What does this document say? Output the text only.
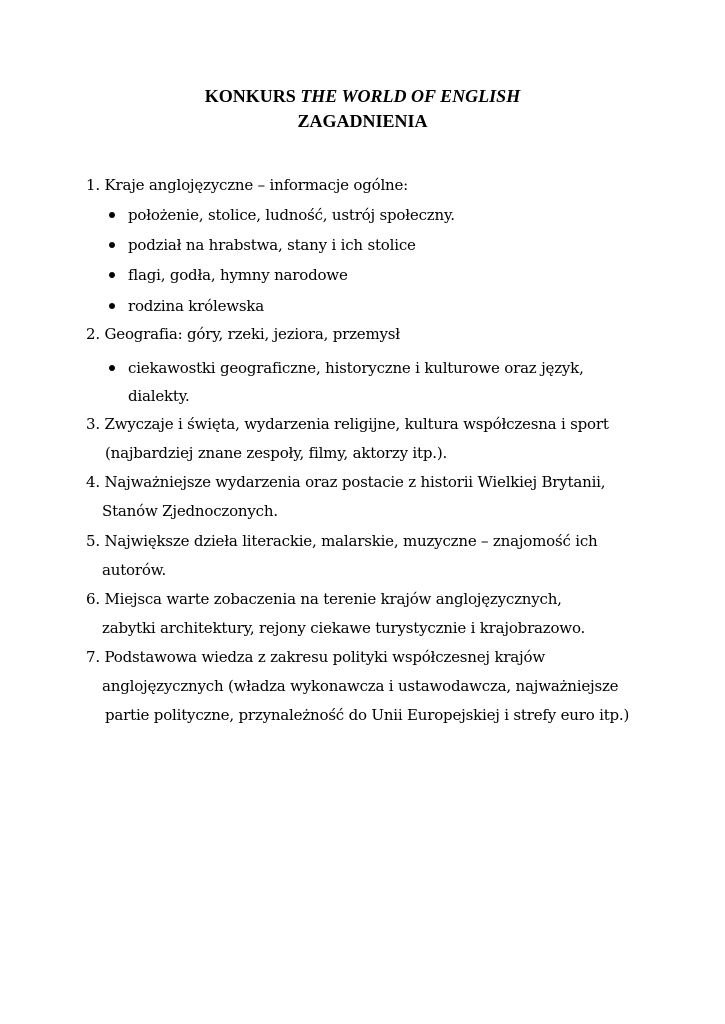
KONKURS THE WORLD OF ENGLISH
ZAGADNIENIA
1. Kraje anglojęzyczne – informacje ogólne:
położenie, stolice, ludność, ustrój społeczny.
podział na hrabstwa, stany i ich stolice
flagi, godła, hymny narodowe
rodzina królewska
2. Geografia: góry, rzeki, jeziora, przemysł
ciekawostki geograficzne, historyczne i kulturowe oraz język,
dialekty.
3. Zwyczaje i święta, wydarzenia religijne, kultura współczesna i sport
(najbardziej znane zespoły, filmy, aktorzy itp.).
4. Najważniejsze wydarzenia oraz postacie z historii Wielkiej Brytanii,
Stanów Zjednoczonych.
5. Największe dzieła literackie, malarskie, muzyczne – znajomość ich
autorów.
6. Miejsca warte zobaczenia na terenie krajów anglojęzycznych,
zabytki architektury, rejony ciekawe turystycznie i krajobrazowo.
7. Podstawowa wiedza z zakresu polityki współczesnej krajów
anglojęzycznych (władza wykonawcza i ustawodawcza, najważniejsze
partie polityczne, przynależność do Unii Europejskiej i strefy euro itp.)
